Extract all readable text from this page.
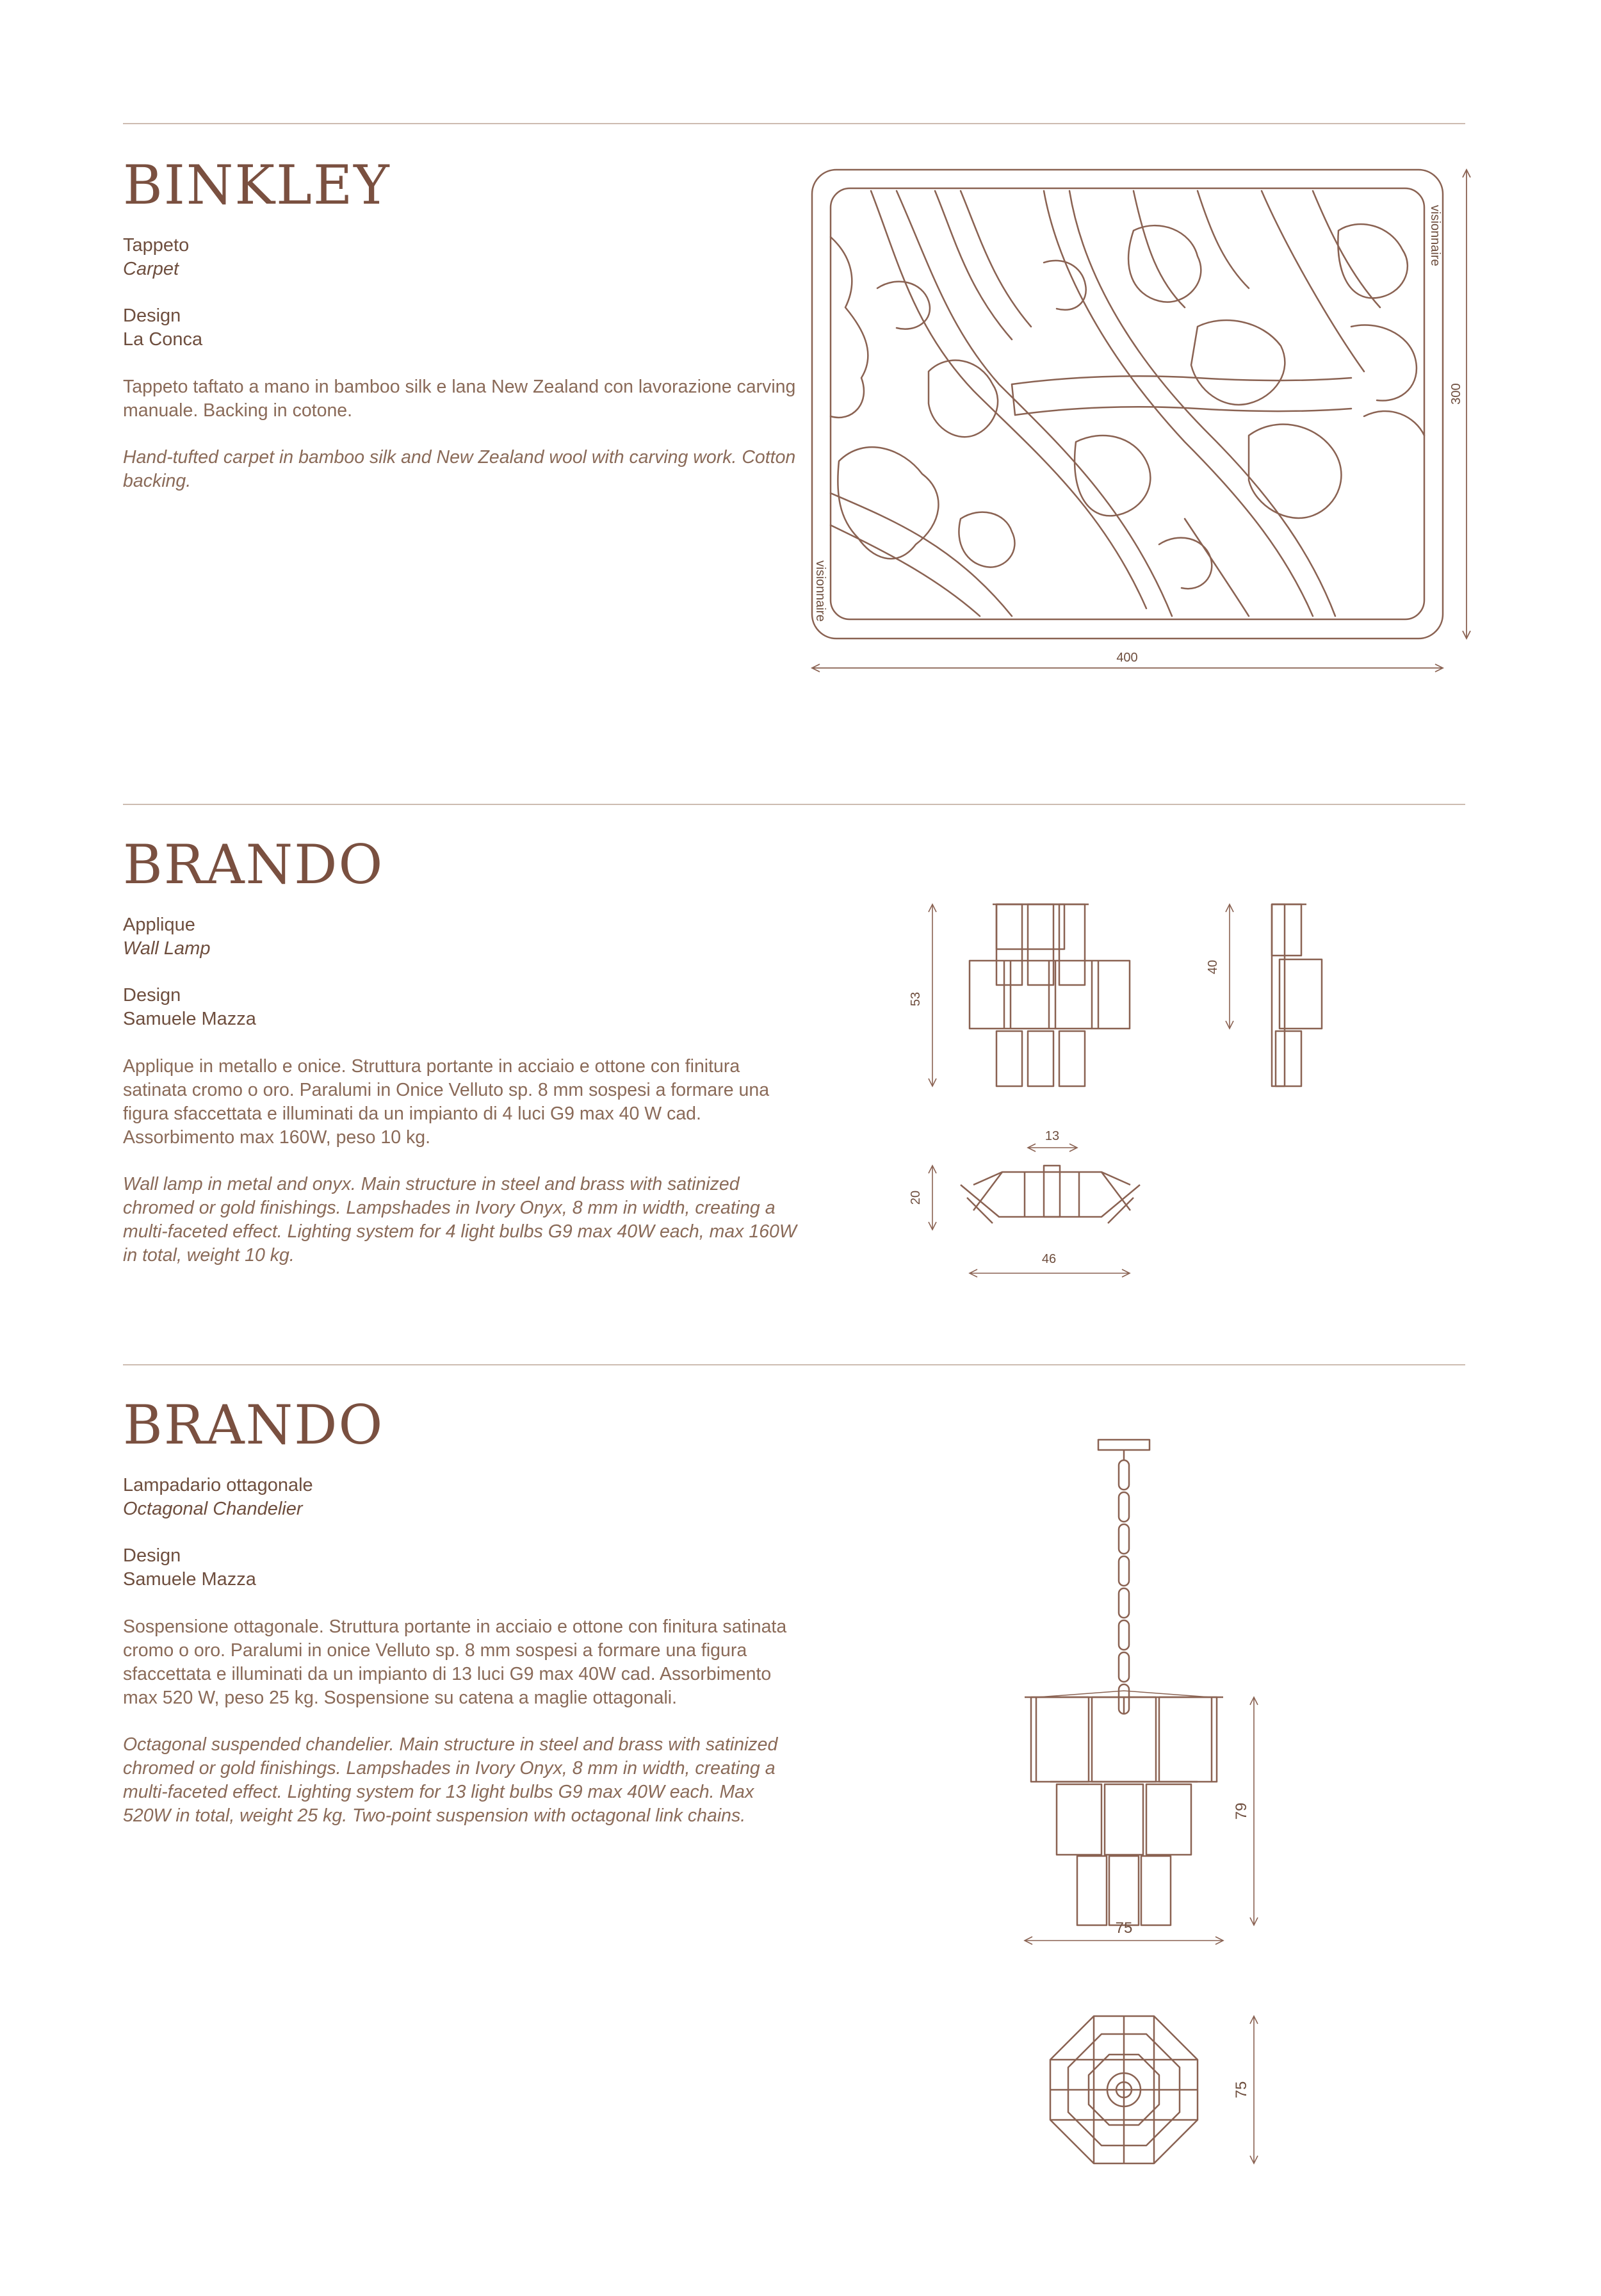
BINKLEY
Tappeto
Carpet
Design
La Conca

Tappeto taftato a mano in bamboo silk e lana New Zealand con lavorazione carving manuale. Backing in cotone.

Hand-tufted carpet in bamboo silk and New Zealand wool with carving work. Cotton backing.

visionnaire
visionnaire
400
300
BRANDO
Applique
Wall Lamp
Design
Samuele Mazza

Applique in metallo e onice. Struttura portante in acciaio e ottone con finitura satinata cromo o oro. Paralumi in Onice Velluto sp. 8 mm sospesi a formare una figura sfaccettata e illuminati da un impianto di 4 luci G9 max 40 W cad. Assorbimento max 160W, peso 10 kg.

Wall lamp in metal and onyx. Main structure in steel and brass with satinized chromed or gold finishings. Lampshades in Ivory Onyx, 8 mm in width, creating a multi-faceted effect. Lighting system for 4 light bulbs G9 max 40W each, max 160W in total, weight 10 kg.

53
40
13
20
46
BRANDO
Lampadario ottagonale
Octagonal Chandelier
Design
Samuele Mazza

Sospensione ottagonale. Struttura portante in acciaio e ottone con finitura satinata cromo o oro. Paralumi in onice Velluto sp. 8 mm sospesi a formare una figura sfaccettata e illuminati da un impianto di 13 luci G9 max 40W cad. Assorbimento max 520 W, peso 25 kg. Sospensione su catena a maglie ottagonali.

Octagonal suspended chandelier. Main structure in steel and brass with satinized chromed or gold finishings. Lampshades in Ivory Onyx, 8 mm in width, creating a multi-faceted effect. Lighting system for 13 light bulbs G9 max 40W each. Max 520W in total, weight 25 kg. Two-point suspension with octagonal link chains.	79
75
75
